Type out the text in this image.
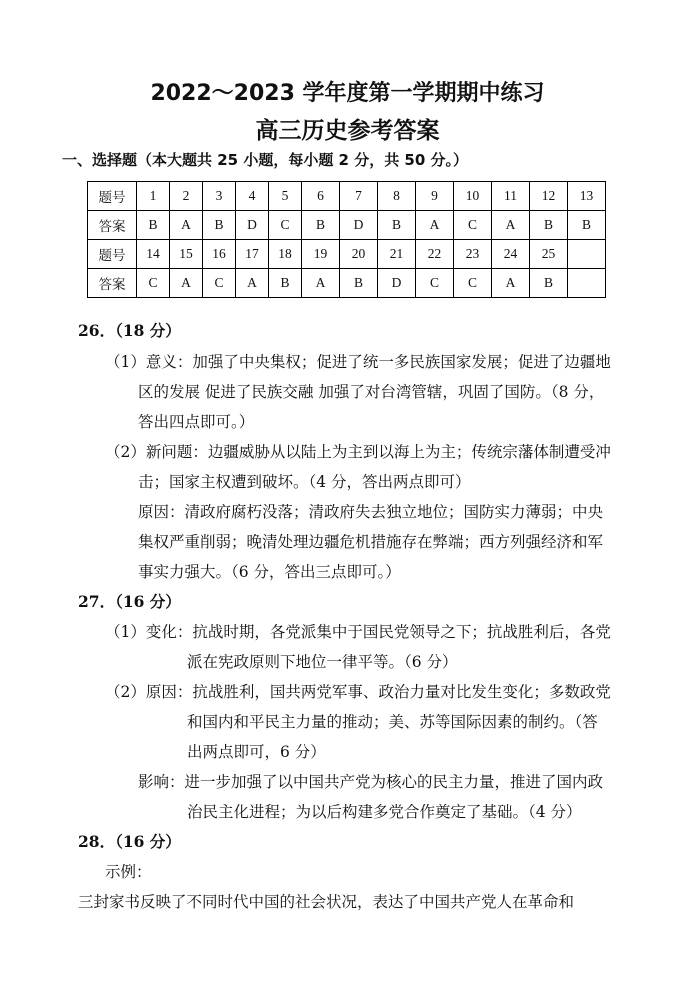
2022～2023 学年度第一学期期中练习
高三历史参考答案
一、选择题（本大题共 25 小题，每小题 2 分，共 50 分。）
题号	1	2	3	4	5	6	7	8	9	10	11	12	13
答案	B	A	B	D	C	B	D	B	A	C	A	B	B
题号	14	15	16	17	18	19	20	21	22	23	24	25	
答案	C	A	C	A	B	A	B	D	C	C	A	B	
26．（18 分）
（1）意义：加强了中央集权；促进了统一多民族国家发展；促进了边疆地
区的发展 促进了民族交融 加强了对台湾管辖，巩固了国防。（8 分，
答出四点即可。）
（2）新问题：边疆威胁从以陆上为主到以海上为主；传统宗藩体制遭受冲
击；国家主权遭到破坏。（4 分，答出两点即可）
原因：清政府腐朽没落；清政府失去独立地位；国防实力薄弱；中央
集权严重削弱；晚清处理边疆危机措施存在弊端；西方列强经济和军
事实力强大。（6 分，答出三点即可。）
27．（16 分）
（1）变化：抗战时期，各党派集中于国民党领导之下；抗战胜利后，各党
派在宪政原则下地位一律平等。（6 分）
（2）原因：抗战胜利，国共两党军事、政治力量对比发生变化；多数政党
和国内和平民主力量的推动；美、苏等国际因素的制约。（答
出两点即可，6 分）
影响：进一步加强了以中国共产党为核心的民主力量，推进了国内政
治民主化进程；为以后构建多党合作奠定了基础。（4 分）
28．（16 分）
示例：
三封家书反映了不同时代中国的社会状况，表达了中国共产党人在革命和
